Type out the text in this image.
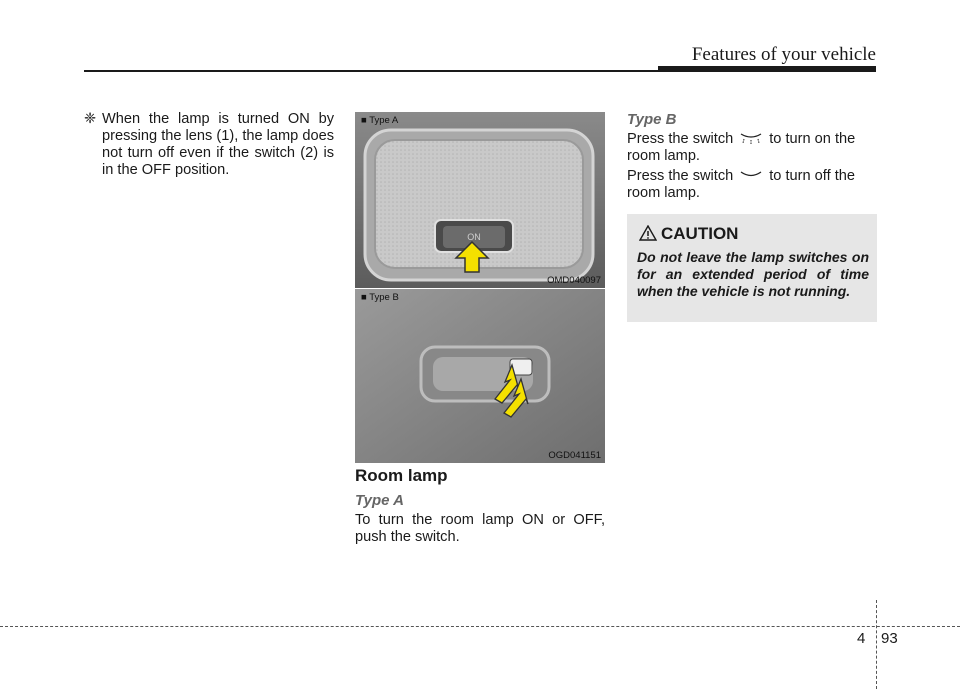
Features of your vehicle
❈ When the lamp is turned ON by pressing the lens (1), the lamp does not turn off even if the switch (2) is in the OFF position.
ON
■ Type A
OMD040097
■ Type B
OGD041151
Room lamp
Type A
To turn the room lamp ON or OFF, push the switch.
Type B
Press the switch to turn on the room lamp.
Press the switch to turn off the room lamp.
CAUTION
Do not leave the lamp switches on for an extended period of time when the vehicle is not running.
4 93
